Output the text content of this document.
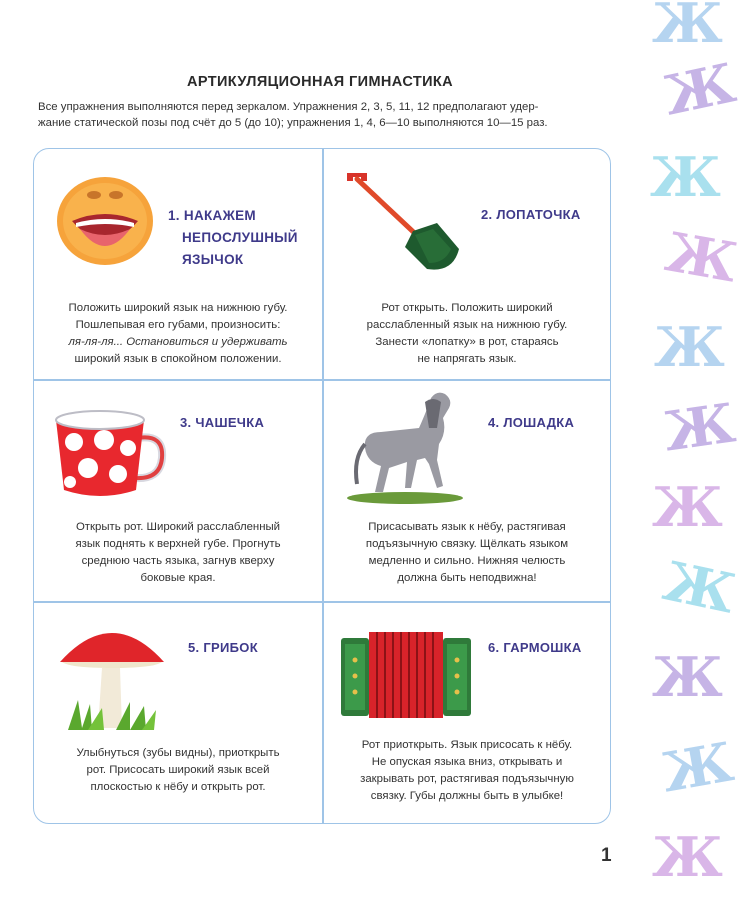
АРТИКУЛЯЦИОННАЯ ГИМНАСТИКА
Все упражнения выполняются перед зеркалом. Упражнения 2, 3, 5, 11, 12 предполагают удер-
жание статической позы под счёт до 5 (до 10); упражнения 1, 4, 6—10 выполняются 10—15 раз.
Ж
Ж
Ж
Ж
Ж
Ж
Ж
Ж
Ж
Ж
Ж
1. НАКАЖЕМ
НЕПОСЛУШНЫЙ
ЯЗЫЧОК
Положить широкий язык на нижнюю губу.
Пошлепывая его губами, произносить:
ля-ля-ля... Остановиться и удерживать
широкий язык в спокойном положении.
2. ЛОПАТОЧКА
Рот открыть. Положить широкий
расслабленный язык на нижнюю губу.
Занести «лопатку» в рот, стараясь
не напрягать язык.
3. ЧАШЕЧКА
Открыть рот. Широкий расслабленный
язык поднять к верхней губе. Прогнуть
среднюю часть языка, загнув кверху
боковые края.
4. ЛОШАДКА
Присасывать язык к нёбу, растягивая
подъязычную связку. Щёлкать языком
медленно и сильно. Нижняя челюсть
должна быть неподвижна!
5. ГРИБОК
Улыбнуться (зубы видны), приоткрыть
рот. Присосать широкий язык всей
плоскостью к нёбу и открыть рот.
6. ГАРМОШКА
Рот приоткрыть. Язык присосать к нёбу.
Не опуская языка вниз, открывать и
закрывать рот, растягивая подъязычную
связку. Губы должны быть в улыбке!
1
